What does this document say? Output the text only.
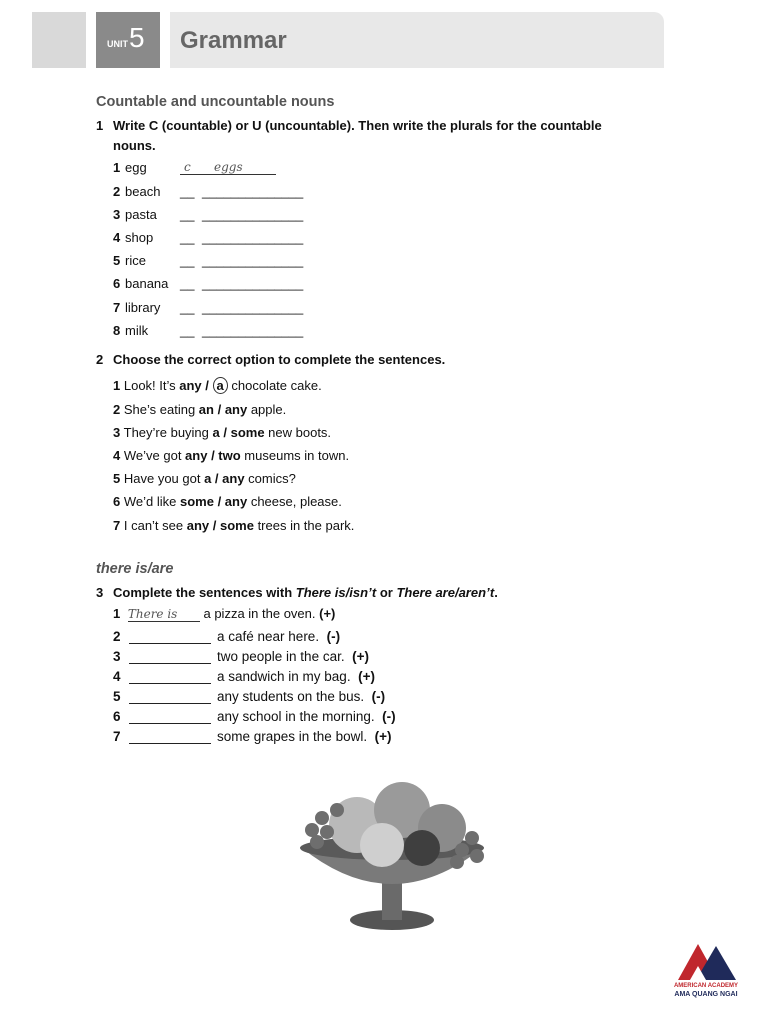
UNIT 5 Grammar
Countable and uncountable nouns
1 Write C (countable) or U (uncountable). Then write the plurals for the countable nouns.
1 egg	c	eggs
2 beach __ ______________
3 pasta __ ______________
4 shop __ ______________
5 rice	__ ______________
6 banana __ ______________
7 library __ ______________
8 milk __ ______________
2 Choose the correct option to complete the sentences.
1 Look! It’s any / a chocolate cake.
2 She’s eating an / any apple.
3 They’re buying a / some new boots.
4 We’ve got any / two museums in town.
5 Have you got a / any comics?
6 We’d like some / any cheese, please.
7 I can’t see any / some trees in the park.
there is/are
3 Complete the sentences with There is/isn’t or There are/aren’t.
1 There is a pizza in the oven. (+)
2	a café near here. (-)
3	two people in the car. (+)
4	a sandwich in my bag. (+)
5	any students on the bus. (-)
6	any school in the morning. (-)
7	some grapes in the bowl. (+)
AMERICAN ACADEMY
AMA QUANG NGAI
